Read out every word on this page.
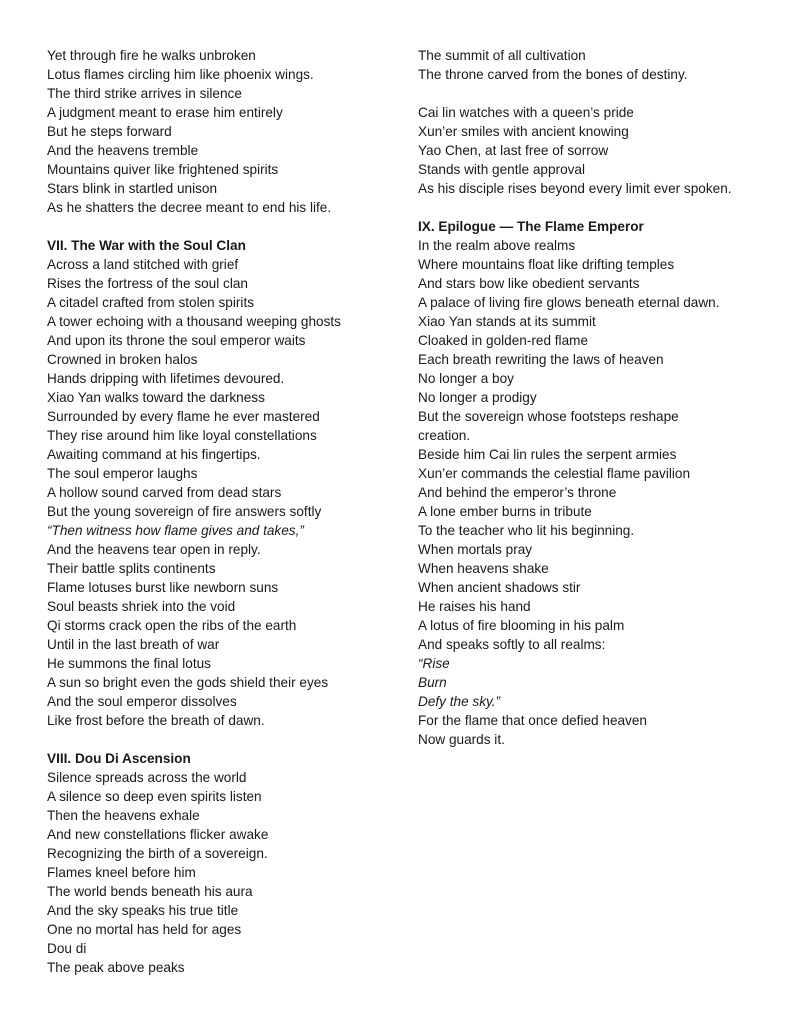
Yet through fire he walks unbroken
Lotus flames circling him like phoenix wings.
The third strike arrives in silence
A judgment meant to erase him entirely
But he steps forward
And the heavens tremble
Mountains quiver like frightened spirits
Stars blink in startled unison
As he shatters the decree meant to end his life.
VII. The War with the Soul Clan
Across a land stitched with grief
Rises the fortress of the soul clan
A citadel crafted from stolen spirits
A tower echoing with a thousand weeping ghosts
And upon its throne the soul emperor waits
Crowned in broken halos
Hands dripping with lifetimes devoured.
Xiao Yan walks toward the darkness
Surrounded by every flame he ever mastered
They rise around him like loyal constellations
Awaiting command at his fingertips.
The soul emperor laughs
A hollow sound carved from dead stars
But the young sovereign of fire answers softly
“Then witness how flame gives and takes,”
And the heavens tear open in reply.
Their battle splits continents
Flame lotuses burst like newborn suns
Soul beasts shriek into the void
Qi storms crack open the ribs of the earth
Until in the last breath of war
He summons the final lotus
A sun so bright even the gods shield their eyes
And the soul emperor dissolves
Like frost before the breath of dawn.
VIII. Dou Di Ascension
Silence spreads across the world
A silence so deep even spirits listen
Then the heavens exhale
And new constellations flicker awake
Recognizing the birth of a sovereign.
Flames kneel before him
The world bends beneath his aura
And the sky speaks his true title
One no mortal has held for ages
Dou di
The peak above peaks
The summit of all cultivation
The throne carved from the bones of destiny.
Cai lin watches with a queen’s pride
Xun’er smiles with ancient knowing
Yao Chen, at last free of sorrow
Stands with gentle approval
As his disciple rises beyond every limit ever spoken.
IX. Epilogue — The Flame Emperor
In the realm above realms
Where mountains float like drifting temples
And stars bow like obedient servants
A palace of living fire glows beneath eternal dawn.
Xiao Yan stands at its summit
Cloaked in golden-red flame
Each breath rewriting the laws of heaven
No longer a boy
No longer a prodigy
But the sovereign whose footsteps reshape
creation.
Beside him Cai lin rules the serpent armies
Xun’er commands the celestial flame pavilion
And behind the emperor’s throne
A lone ember burns in tribute
To the teacher who lit his beginning.
When mortals pray
When heavens shake
When ancient shadows stir
He raises his hand
A lotus of fire blooming in his palm
And speaks softly to all realms:
“Rise
Burn
Defy the sky.”
For the flame that once defied heaven
Now guards it.
